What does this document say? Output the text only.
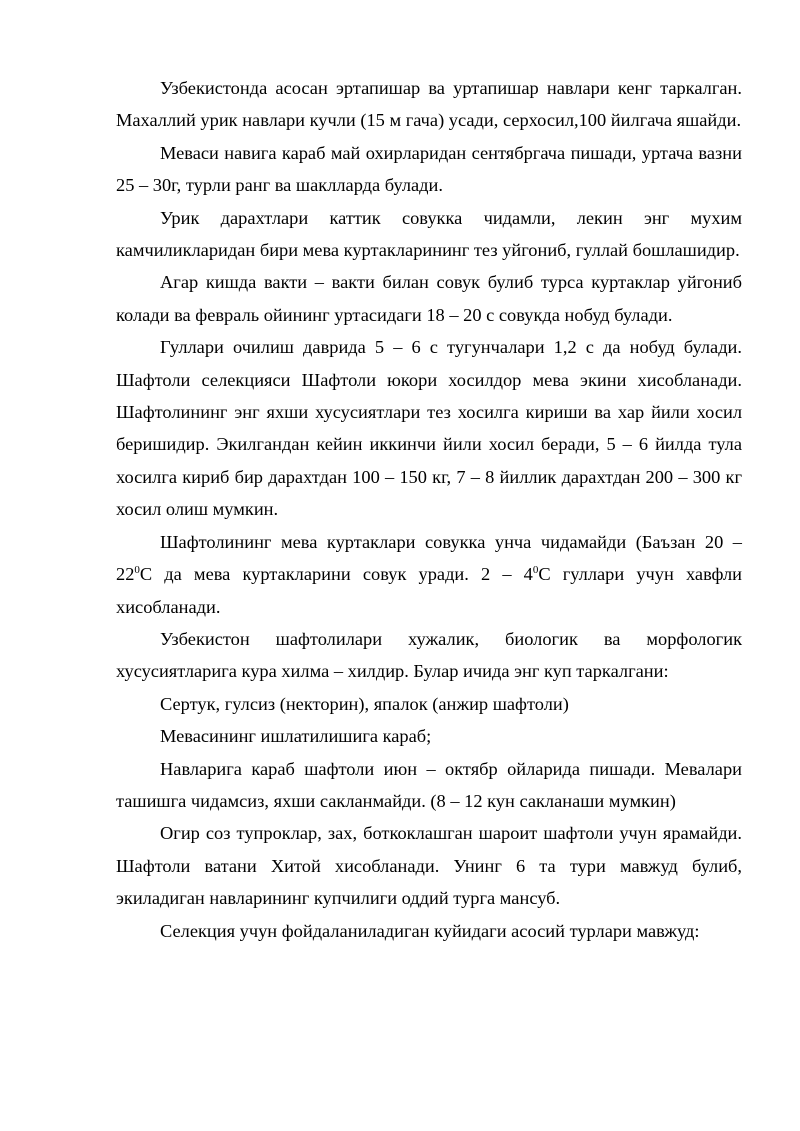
Узбекистонда асосан эртапишар ва уртапишар навлари кенг таркалган. Махаллий урик навлари кучли (15 м гача) усади, серхосил,100 йилгача яшайди.

Меваси навига караб май охирларидан сентябргача пишади, уртача вазни 25 – 30г, турли ранг ва шаклларда булади.

Урик дарахтлари каттик совукка чидамли, лекин энг мухим камчиликларидан бири мева куртакларининг тез уйгониб, гуллай бошлашидир.

Агар кишда вакти – вакти билан совук булиб турса куртаклар уйгониб колади ва февраль ойининг уртасидаги 18 – 20 с совукда нобуд булади.

Гуллари очилиш даврида 5 – 6 с тугунчалари 1,2 с да нобуд булади. Шафтоли селекцияси Шафтоли юкори хосилдор мева экини хисобланади. Шафтолининг энг яхши хусусиятлари тез хосилга кириши ва хар йили хосил беришидир. Экилгандан кейин иккинчи йили хосил беради, 5 – 6 йилда тула хосилга кириб бир дарахтдан 100 – 150 кг, 7 – 8 йиллик дарахтдан 200 – 300 кг хосил олиш мумкин.

Шафтолининг мева куртаклари совукка унча чидамайди (Баъзан $20 - 22^0С$ да мева куртакларини совук уради. $2 - 4^0С$ гуллари учун хавфли хисобланади.

Узбекистон шафтолилари хужалик, биологик ва морфологик хусусиятларига кура хилма – хилдир. Булар ичида энг куп таркалгани:

Сертук, гулсиз (некторин), япалок (анжир шафтоли)

Мевасининг ишлатилишига караб;

Навларига караб шафтоли июн – октябр ойларида пишади. Мевалари ташишга чидамсиз, яхши сакланмайди. (8 – 12 кун сакланаши мумкин)

Огир соз тупроклар, зах, боткоклашган шароит шафтоли учун ярамайди. Шафтоли ватани Хитой хисобланади. Унинг 6 та тури мавжуд булиб, экиладиган навларининг купчилиги оддий турга мансуб.

Селекция учун фойдаланиладиган куйидаги асосий турлари мавжуд:
